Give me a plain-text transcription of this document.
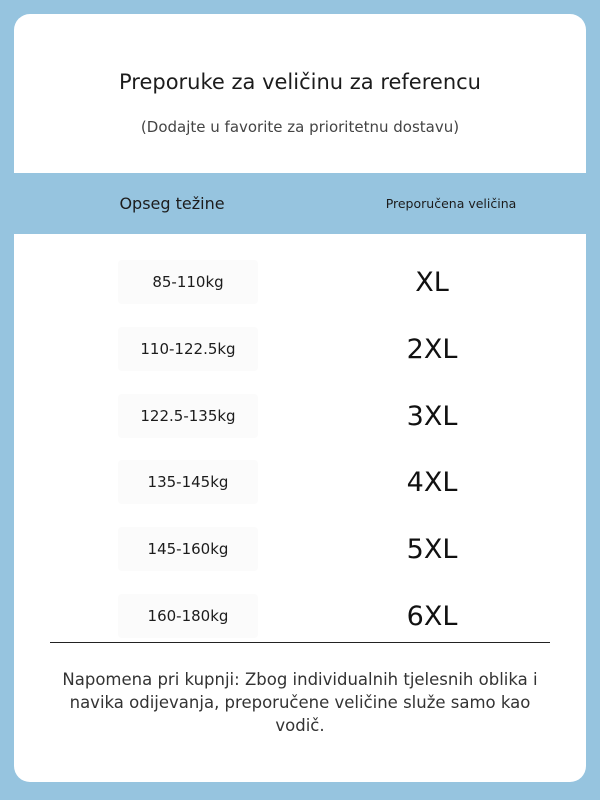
Preporuke za veličinu za referencu
(Dodajte u favorite za prioritetnu dostavu)
Opseg težine	Preporučena veličina
85-110kg	XL
110-122.5kg	2XL
122.5-135kg	3XL
135-145kg	4XL
145-160kg	5XL
160-180kg	6XL
Napomena pri kupnji: Zbog individualnih tjelesnih oblika i navika odijevanja, preporučene veličine služe samo kao vodič.
